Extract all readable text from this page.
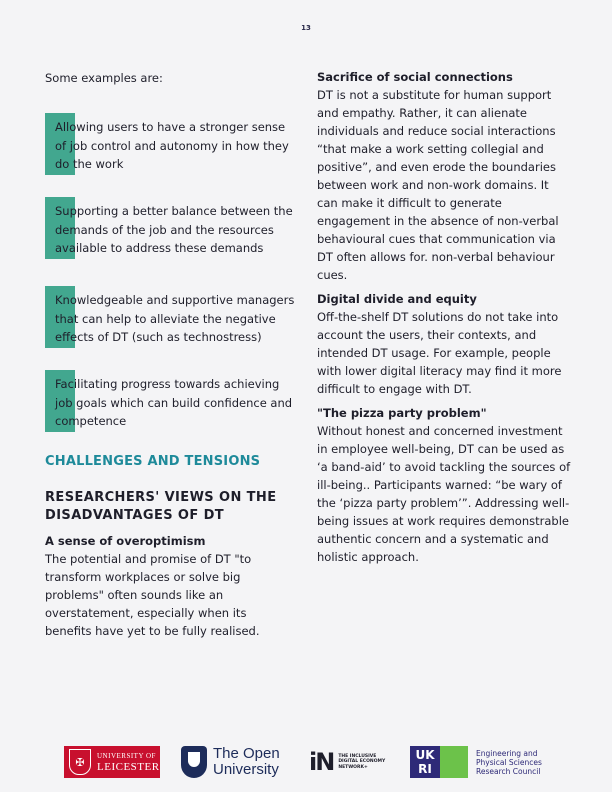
13

Some examples are:

Allowing users to have a stronger sense of job control and autonomy in how they do the work

Supporting a better balance between the demands of the job and the resources available to address these demands

Knowledgeable and supportive managers that can help to alleviate the negative effects of DT (such as technostress)

Facilitating progress towards achieving job goals which can build confidence and competence

CHALLENGES AND TENSIONS
RESEARCHERS' VIEWS ON THE DISADVANTAGES OF DT
A sense of overoptimism

The potential and promise of DT "to transform workplaces or solve big problems" often sounds like an overstatement, especially when its benefits have yet to be fully realised.

Sacrifice of social connections

DT is not a substitute for human support and empathy. Rather, it can alienate individuals and reduce social interactions “that make a work setting collegial and positive”, and even erode the boundaries between work and non-work domains. It can make it difficult to generate engagement in the absence of non-verbal behavioural cues that communication via DT often allows for. non-verbal behaviour cues.

Digital divide and equity

Off-the-shelf DT solutions do not take into account the users, their contexts, and intended DT usage. For example, people with lower digital literacy may find it more difficult to engage with DT.

"The pizza party problem"

Without honest and concerned investment in employee well-being, DT can be used as ‘a band-aid’ to avoid tackling the sources of ill-being.. Participants warned: “be wary of the ‘pizza party problem’”. Addressing well-being issues at work requires demonstrable authentic concern and a systematic and holistic approach.

✠	UNIVERSITY OF
LEICESTER
The Open
University iN THE INCLUSIVE
DIGITAL ECONOMY
NETWORK+
UK
RI
Engineering and
Physical Sciences
Research Council
